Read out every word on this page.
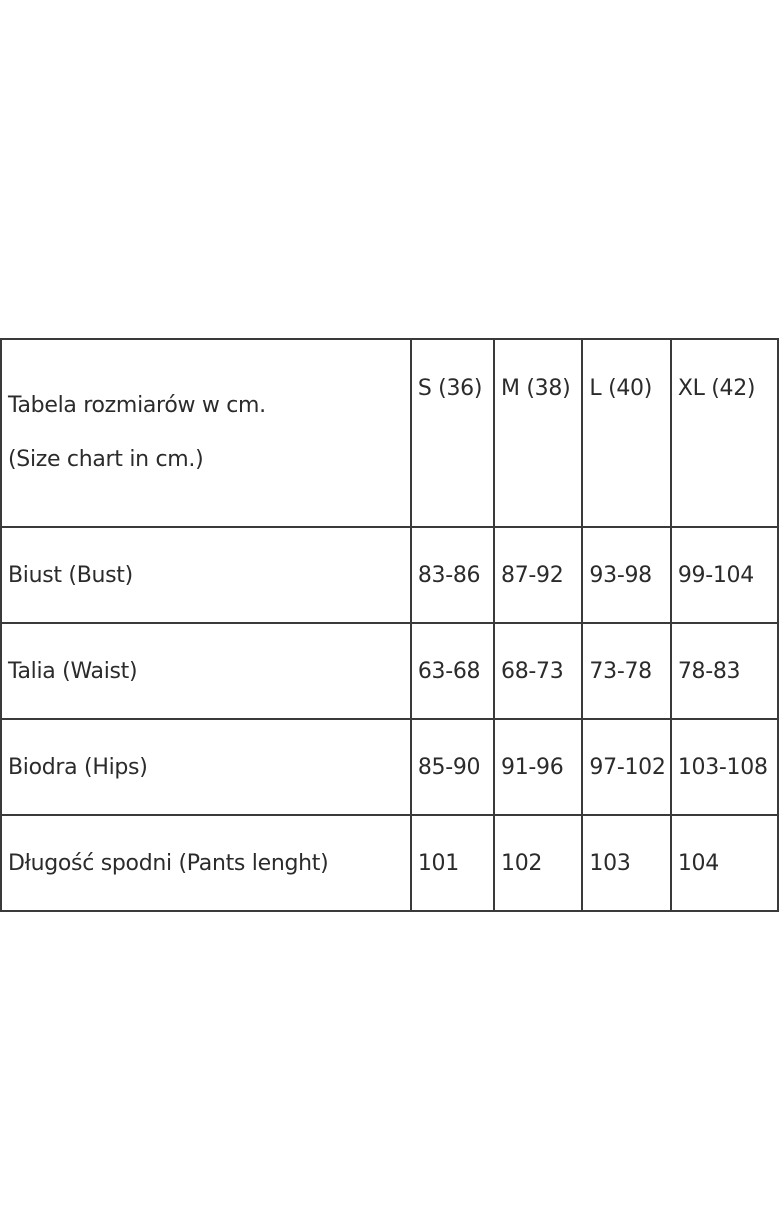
Tabela rozmiarów w cm.
(Size chart in cm.)	S (36)	M (38)	L (40)	XL (42)
Biust (Bust)	83-86	87-92	93-98	99-104
Talia (Waist)	63-68	68-73	73-78	78-83
Biodra (Hips)	85-90	91-96	97-102	103-108
Długość spodni (Pants lenght)	101	102	103	104
